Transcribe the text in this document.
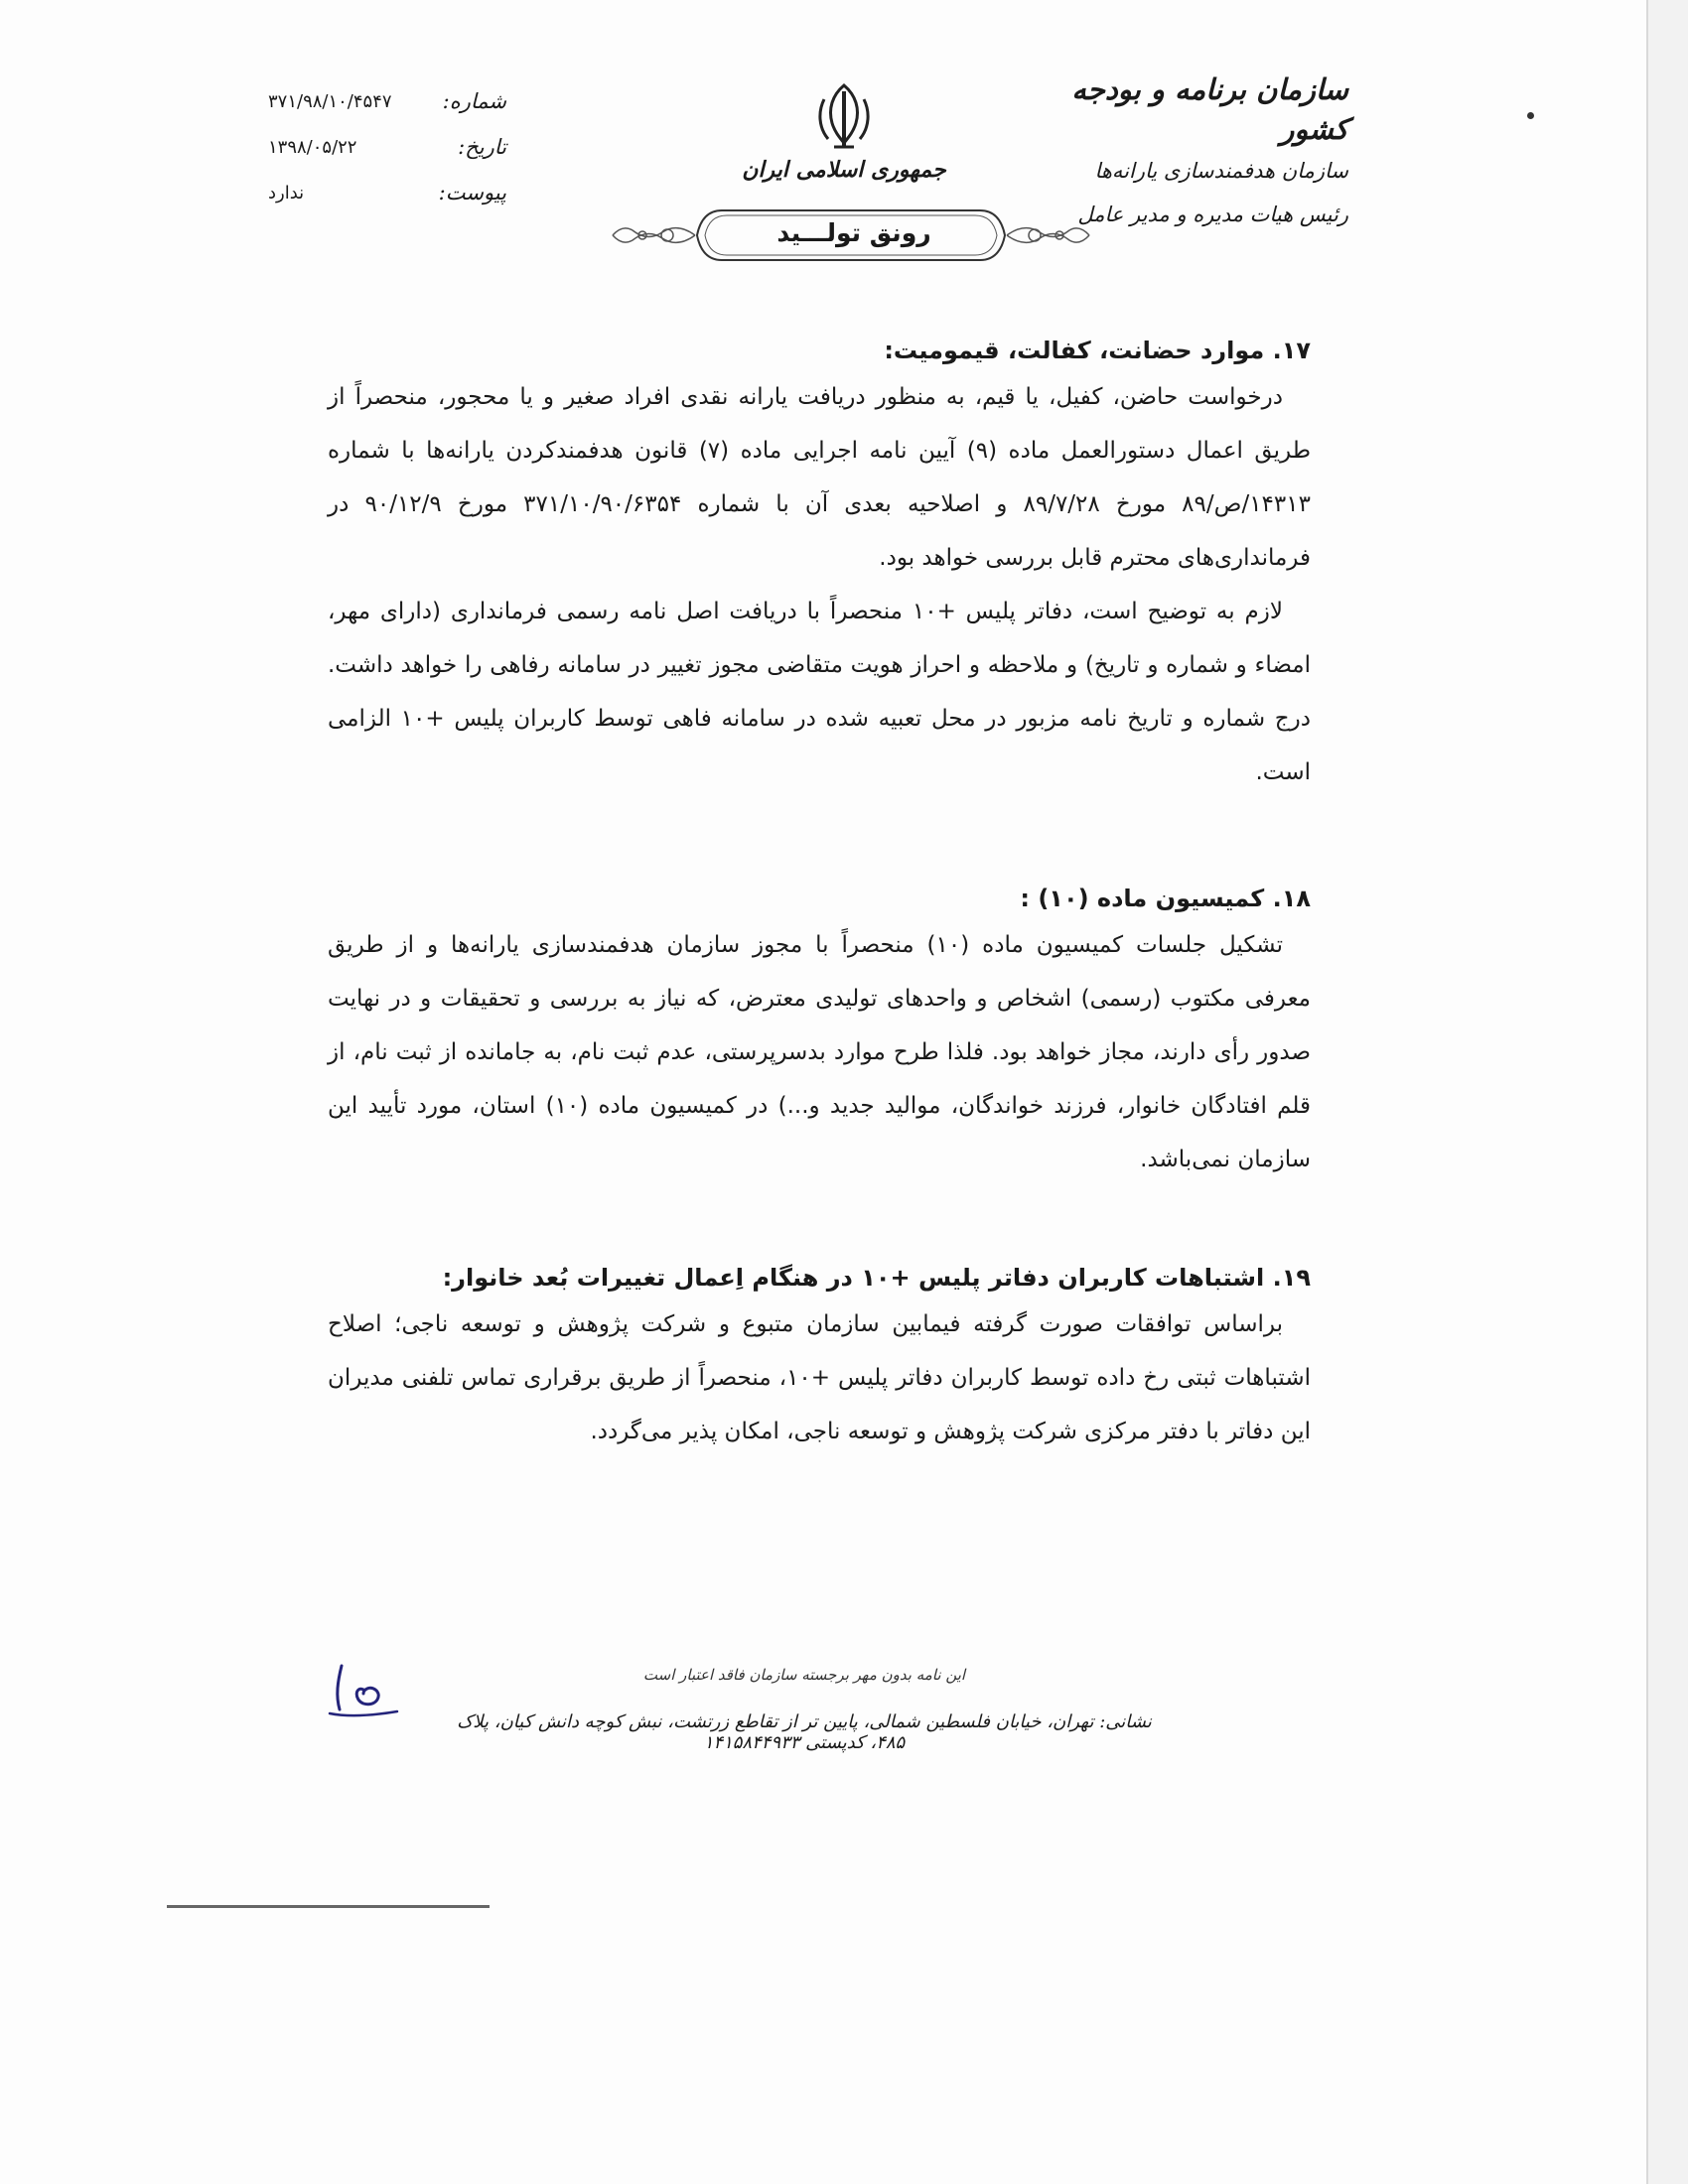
سازمان برنامه و بودجه کشور
سازمان هدفمندسازی یارانه‌ها
رئیس هیات مدیره و مدیر عامل
جمهوری اسلامی ایران
رونق تولـــید
شماره:
۳۷۱/۹۸/۱۰/۴۵۴۷
تاریخ:
۱۳۹۸/۰۵/۲۲
پیوست:
ندارد
۱۷. موارد حضانت، کفالت، قیمومیت:

درخواست حاضن، کفیل، یا قیم، به منظور دریافت یارانه نقدی افراد صغیر و یا محجور، منحصراً از طریق اعمال دستورالعمل ماده (۹) آیین نامه اجرایی ماده (۷) قانون هدفمندکردن یارانه‌ها با شماره ۱۴۳۱۳/ص/۸۹ مورخ ۸۹/۷/۲۸ و اصلاحیه بعدی آن با شماره ۳۷۱/۱۰/۹۰/۶۳۵۴ مورخ ۹۰/۱۲/۹ در فرمانداری‌های محترم قابل بررسی خواهد بود.

لازم به توضیح است، دفاتر پلیس +۱۰ منحصراً با دریافت اصل نامه رسمی فرمانداری (دارای مهر، امضاء و شماره و تاریخ) و ملاحظه و احراز هویت متقاضی مجوز تغییر در سامانه رفاهی را خواهد داشت. درج شماره و تاریخ نامه مزبور در محل تعبیه شده در سامانه فاهی توسط کاربران پلیس +۱۰ الزامی است.

۱۸. کمیسیون ماده (۱۰) :

تشکیل جلسات کمیسیون ماده (۱۰) منحصراً با مجوز سازمان هدفمندسازی یارانه‌ها و از طریق معرفی مکتوب (رسمی) اشخاص و واحدهای تولیدی معترض، که نیاز به بررسی و تحقیقات و در نهایت صدور رأی دارند، مجاز خواهد بود. فلذا طرح موارد بدسرپرستی، عدم ثبت نام، به جامانده از ثبت نام، از قلم افتادگان خانوار، فرزند خواندگان، موالید جدید و...) در کمیسیون ماده (۱۰) استان، مورد تأیید این سازمان نمی‌باشد.

۱۹. اشتباهات کاربران دفاتر پلیس +۱۰ در هنگام اِعمال تغییرات بُعد خانوار:

براساس توافقات صورت گرفته فیمابین سازمان متبوع و شرکت پژوهش و توسعه ناجی؛ اصلاح اشتباهات ثبتی رخ داده توسط کاربران دفاتر پلیس +۱۰، منحصراً از طریق برقراری تماس تلفنی مدیران این دفاتر با دفتر مرکزی شرکت پژوهش و توسعه ناجی، امکان پذیر می‌گردد.

این نامه بدون مهر برجسته سازمان فاقد اعتبار است
نشانی: تهران، خیابان فلسطین شمالی، پایین تر از تقاطع زرتشت، نبش کوچه دانش کیان، پلاک ۴۸۵، کدپستی ۱۴۱۵۸۴۴۹۳۳
